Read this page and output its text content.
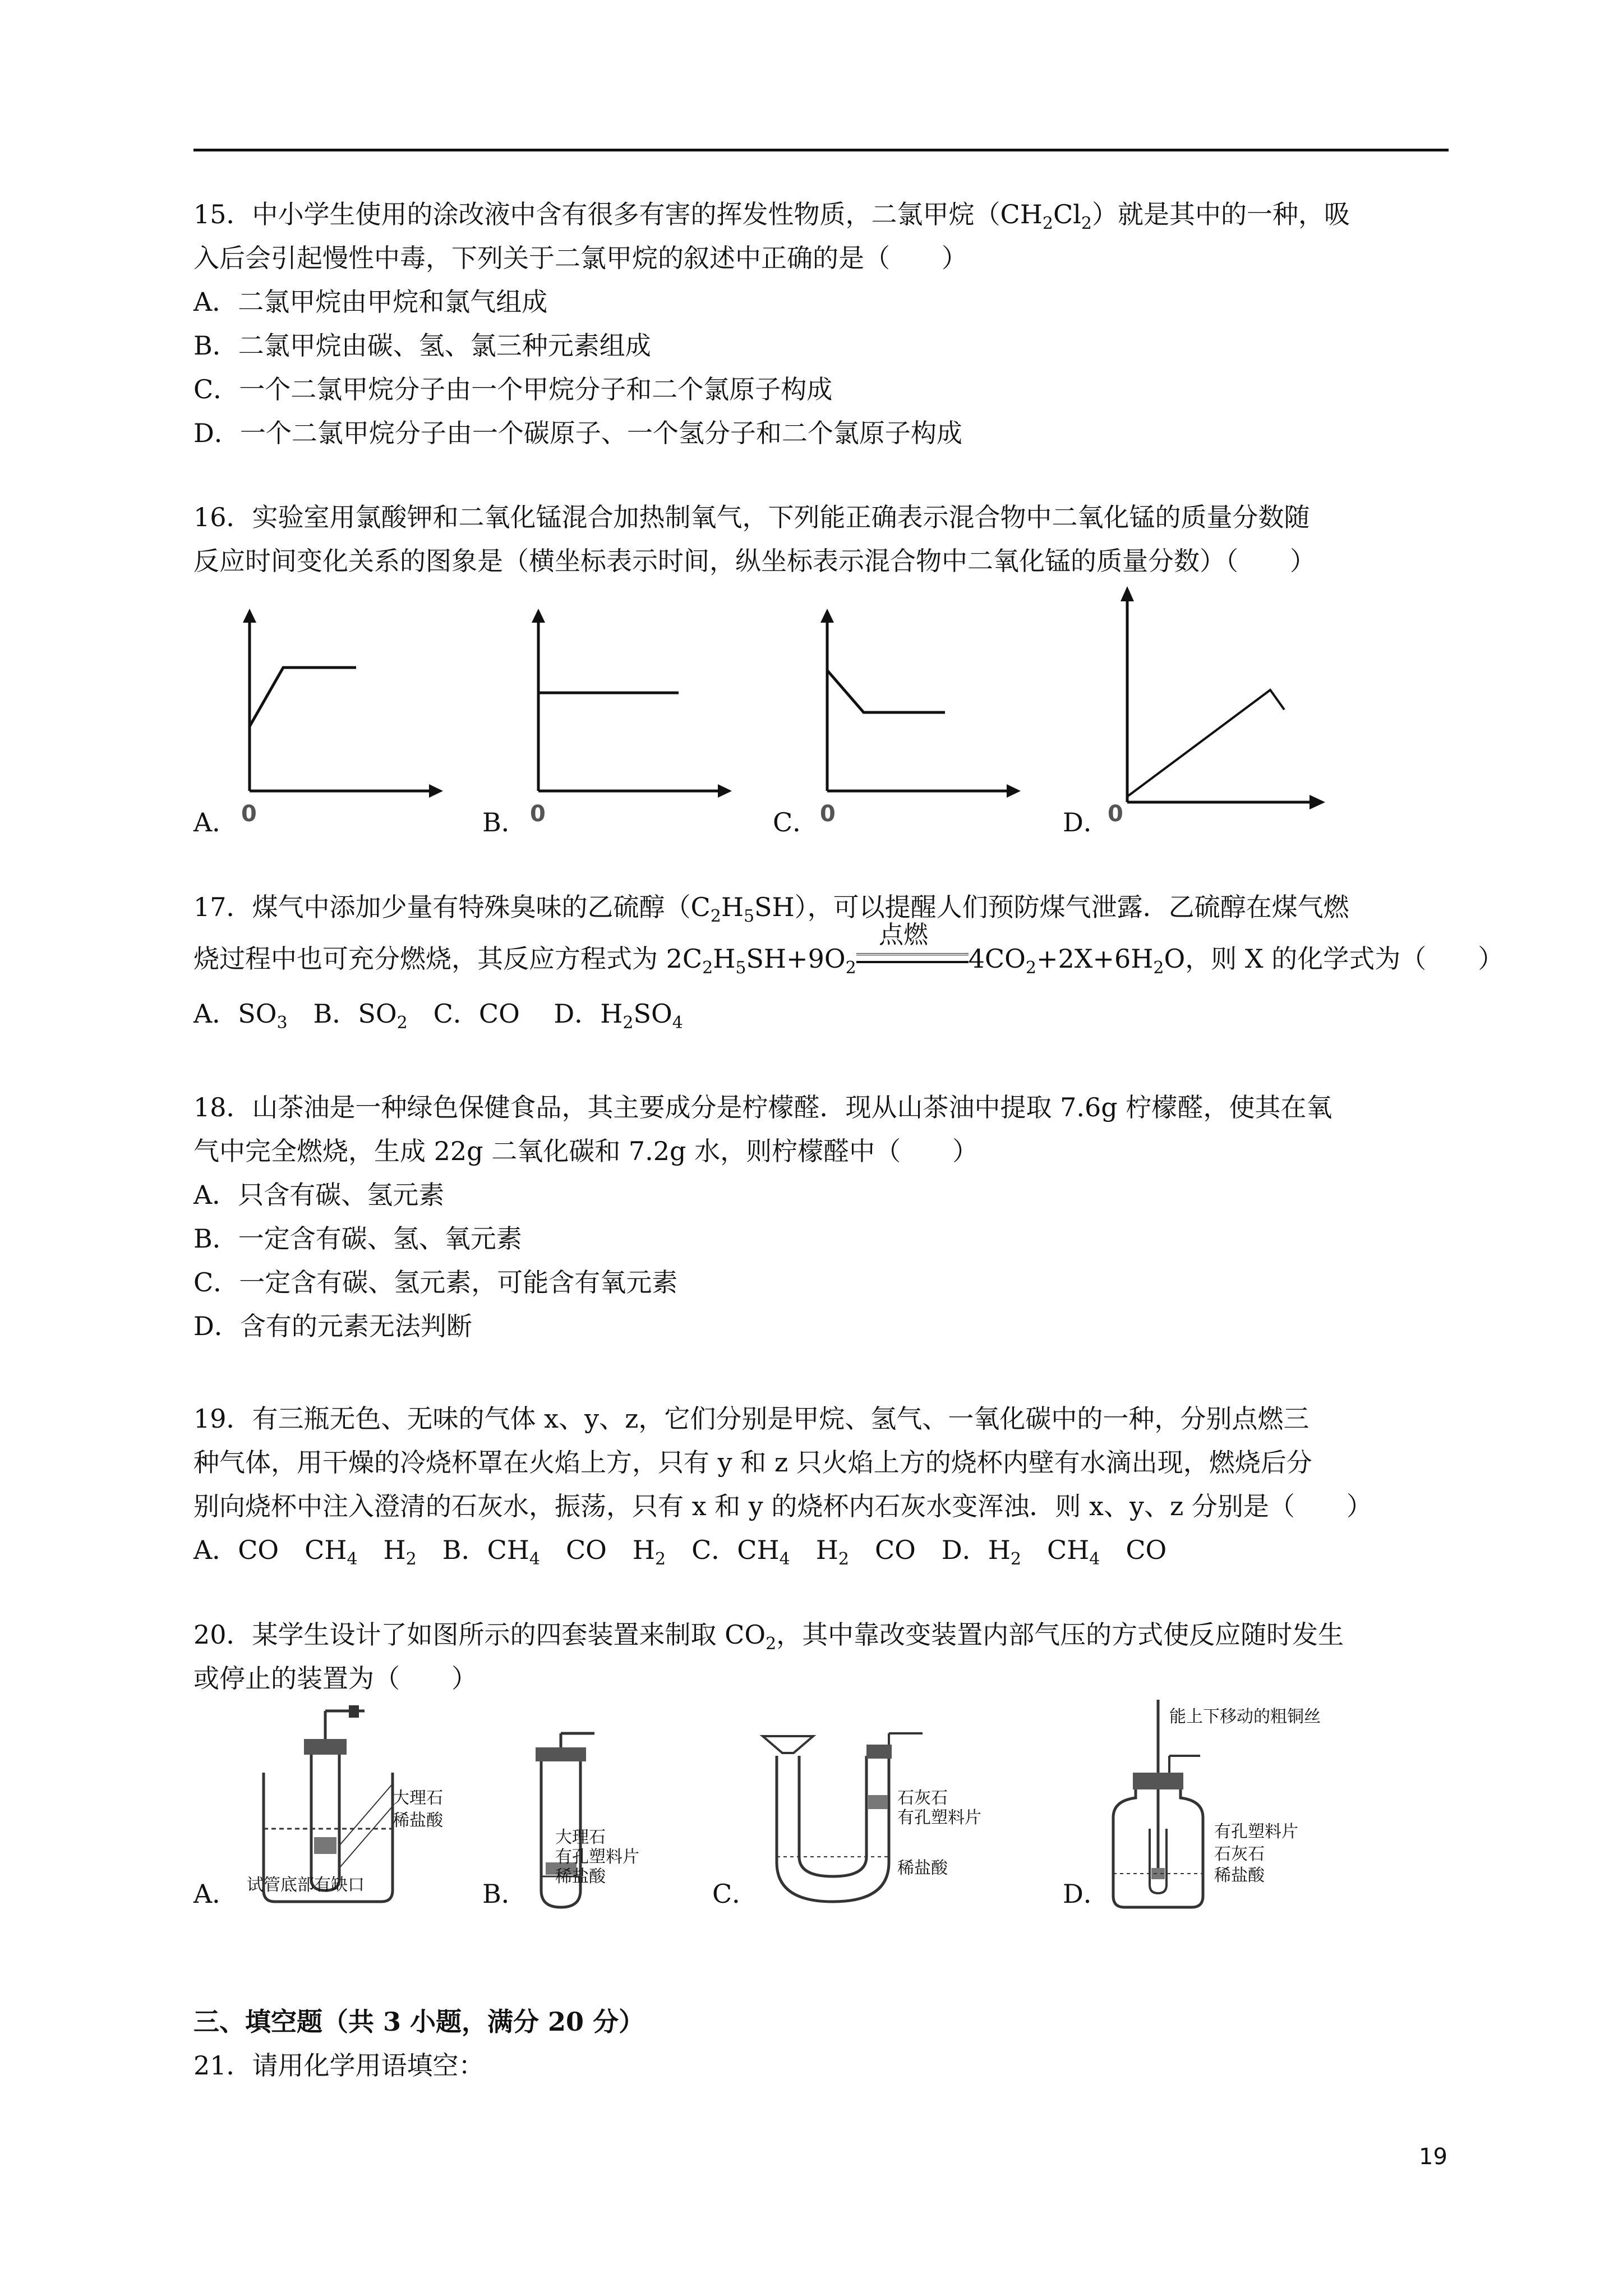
15．中小学生使用的涂改液中含有很多有害的挥发性物质，二氯甲烷$(CH_2Cl_2)$就是其中的一种，吸

入后会引起慢性中毒，下列关于二氯甲烷的叙述中正确的是（　　）

A．二氯甲烷由甲烷和氯气组成

B．二氯甲烷由碳、氢、氯三种元素组成

C．一个二氯甲烷分子由一个甲烷分子和二个氯原子构成

D．一个二氯甲烷分子由一个碳原子、一个氢分子和二个氯原子构成

16．实验室用氯酸钾和二氧化锰混合加热制氧气，下列能正确表示混合物中二氧化锰的质量分数随

反应时间变化关系的图象是（横坐标表示时间，纵坐标表示混合物中二氧化锰的质量分数）（　　）

A． 0	B． 0	C． 0	D．
0

17．煤气中添加少量有特殊臭味的乙硫醇$(C_2H_5SH)$，可以提醒人们预防煤气泄露．乙硫醇在煤气燃

烧过程中也可充分燃烧，其反应方程式为 $2C_2H_5SH+9O_2$	$4CO_2+2X+6H_2O$，则 X 的化学式为（　　）

A．$SO_3$　 B．$SO_2$　 C．CO　 D．$H_2SO_4$

点燃

18．山茶油是一种绿色保健食品，其主要成分是柠檬醛．现从山茶油中提取 7.6g 柠檬醛，使其在氧

气中完全燃烧，生成 22g 二氧化碳和 7.2g 水，则柠檬醛中（　　）

A．只含有碳、氢元素

B．一定含有碳、氢、氧元素

C．一定含有碳、氢元素，可能含有氧元素

D．含有的元素无法判断

19．有三瓶无色、无味的气体 x、y、z，它们分别是甲烷、氢气、一氧化碳中的一种，分别点燃三

种气体，用干燥的冷烧杯罩在火焰上方，只有 y 和 z 只火焰上方的烧杯内壁有水滴出现，燃烧后分

别向烧杯中注入澄清的石灰水，振荡，只有 x 和 y 的烧杯内石灰水变浑浊．则 x、y、z 分别是（　　）

A．CO　$CH_4$　$H_2$　B．$CH_4$　CO　$H_2$　C．$CH_4$　$H_2$　CO　D．$H_2$　$CH_4$　CO

20．某学生设计了如图所示的四套装置来制取 $CO_2$，其中靠改变装置内部气压的方式使反应随时发生

或停止的装置为（　　）

大理石
稀盐酸
试管底部有缺口
A．
大理石
有孔塑料片
稀盐酸
B．
石灰石
有孔塑料片
稀盐酸
C．
能上下移动的粗铜丝
有孔塑料片
石灰石
稀盐酸
D．
三、填空题（共 3 小题，满分 20 分）

21．请用化学用语填空：

19
